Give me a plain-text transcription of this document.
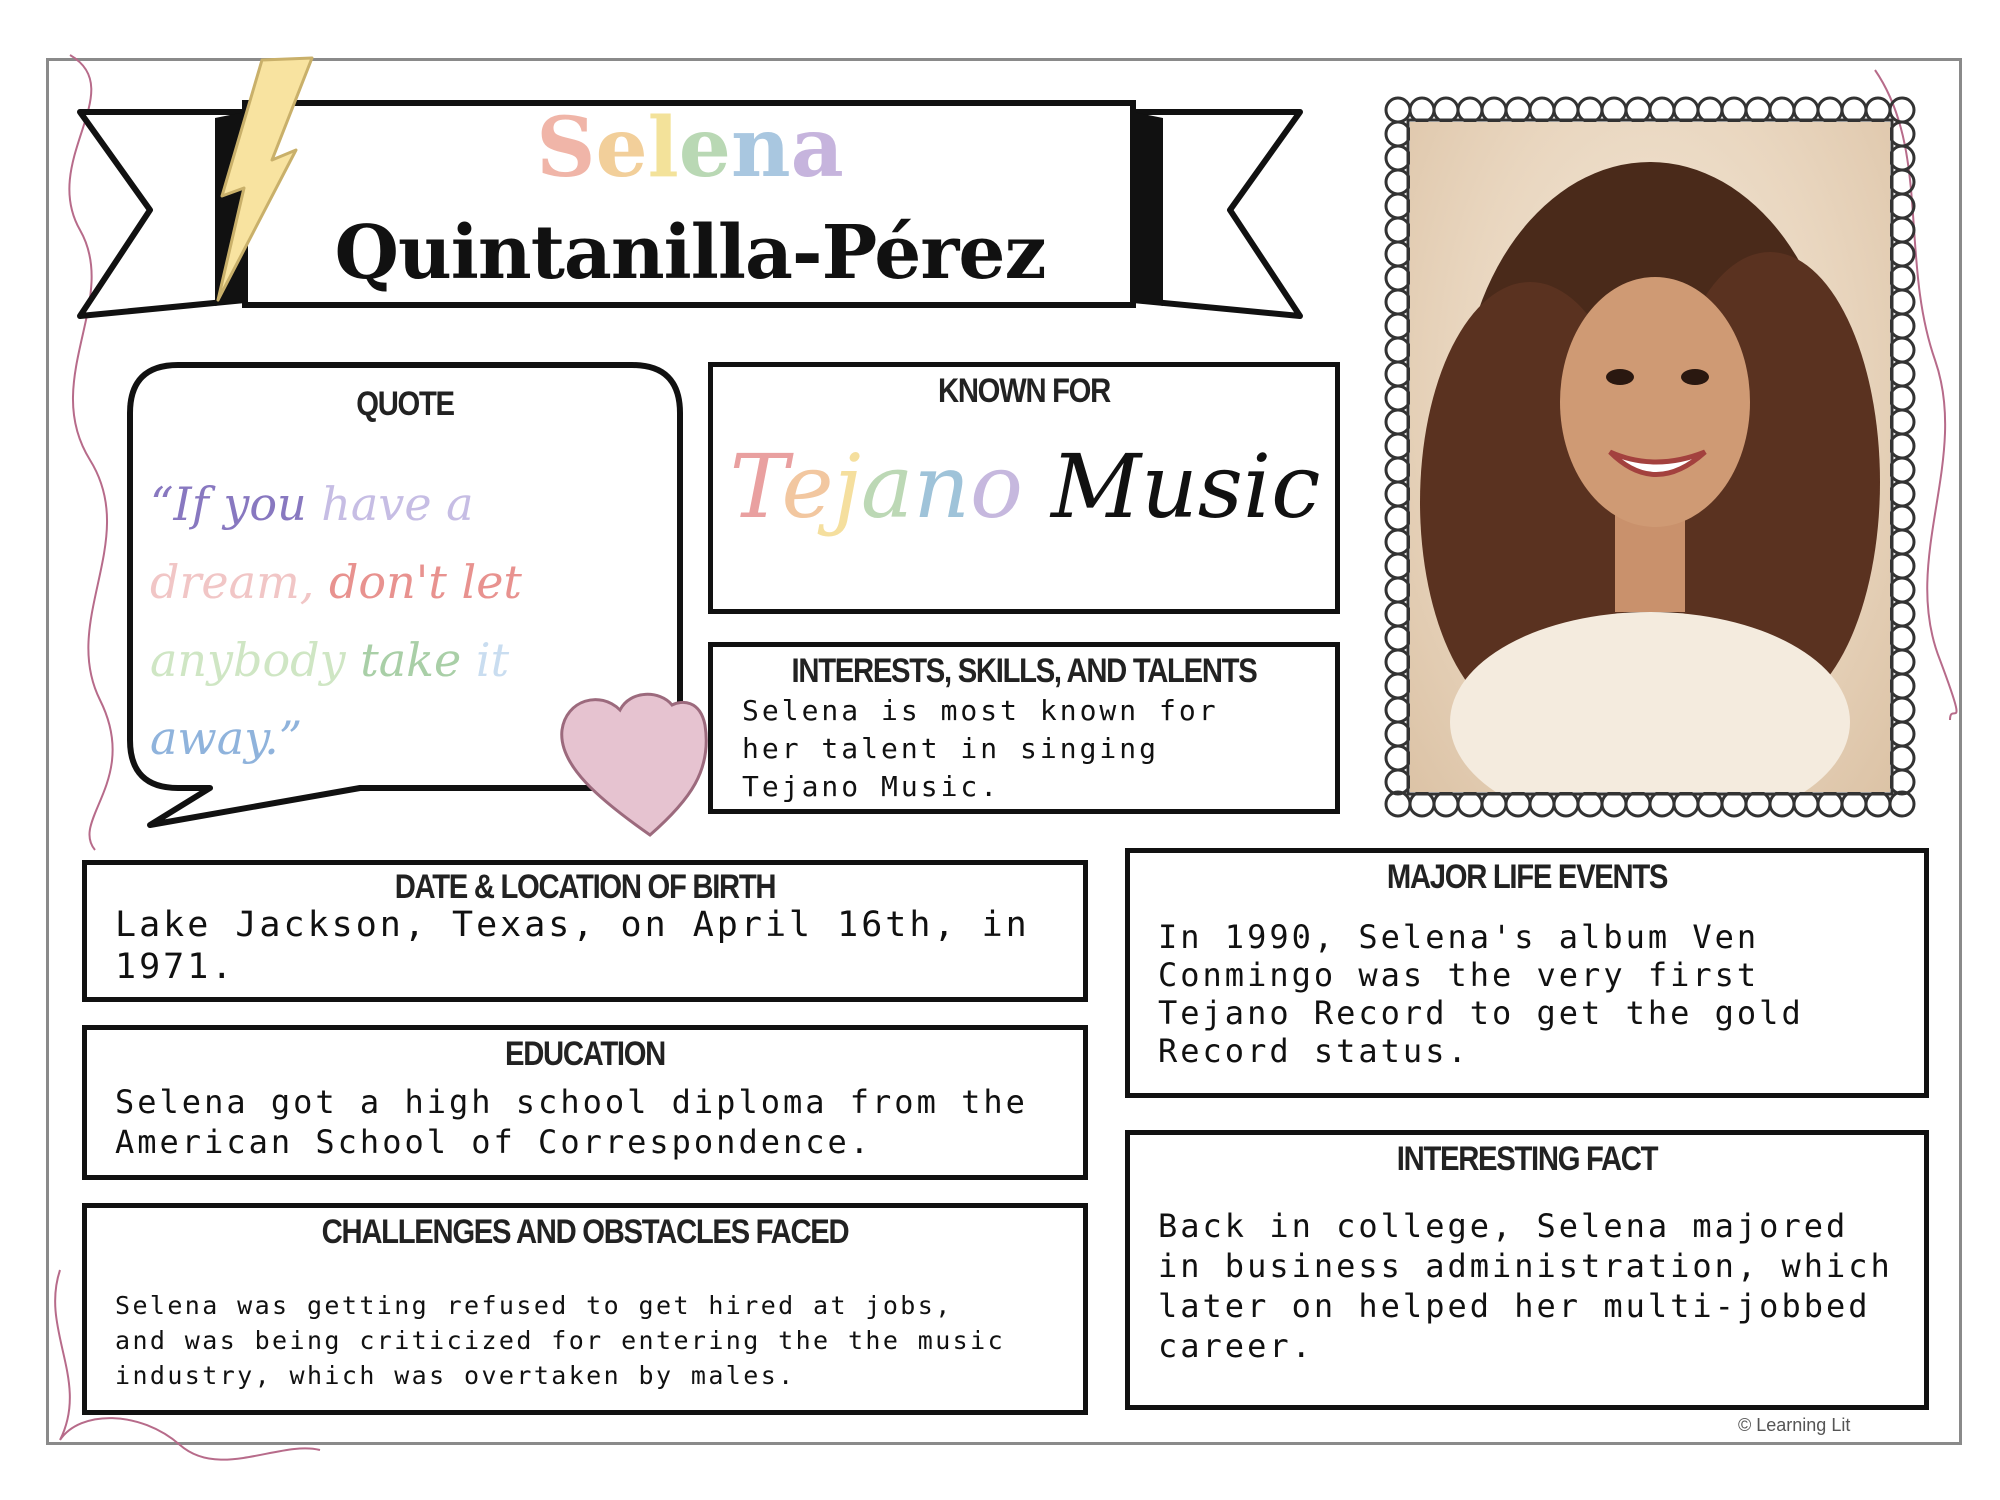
Selena
Quintanilla-Pérez
QUOTE
“If you have a dream, don't let anybody take it away.”
KNOWN FOR
Tejano Music
INTERESTS, SKILLS, AND TALENTS
Selena is most known for
her talent in singing
Tejano Music.
DATE & LOCATION OF BIRTH
Lake Jackson, Texas, on April 16th, in
1971.
EDUCATION
Selena got a high school diploma from the
American School of Correspondence.
CHALLENGES AND OBSTACLES FACED
Selena was getting refused to get hired at jobs,
and was being criticized for entering the the music
industry, which was overtaken by males.
MAJOR LIFE EVENTS
In 1990, Selena's album Ven
Conmingo was the very first
Tejano Record to get the gold
Record status.
INTERESTING FACT
Back in college, Selena majored
in business administration, which
later on helped her multi-jobbed
career.
© Learning Lit
